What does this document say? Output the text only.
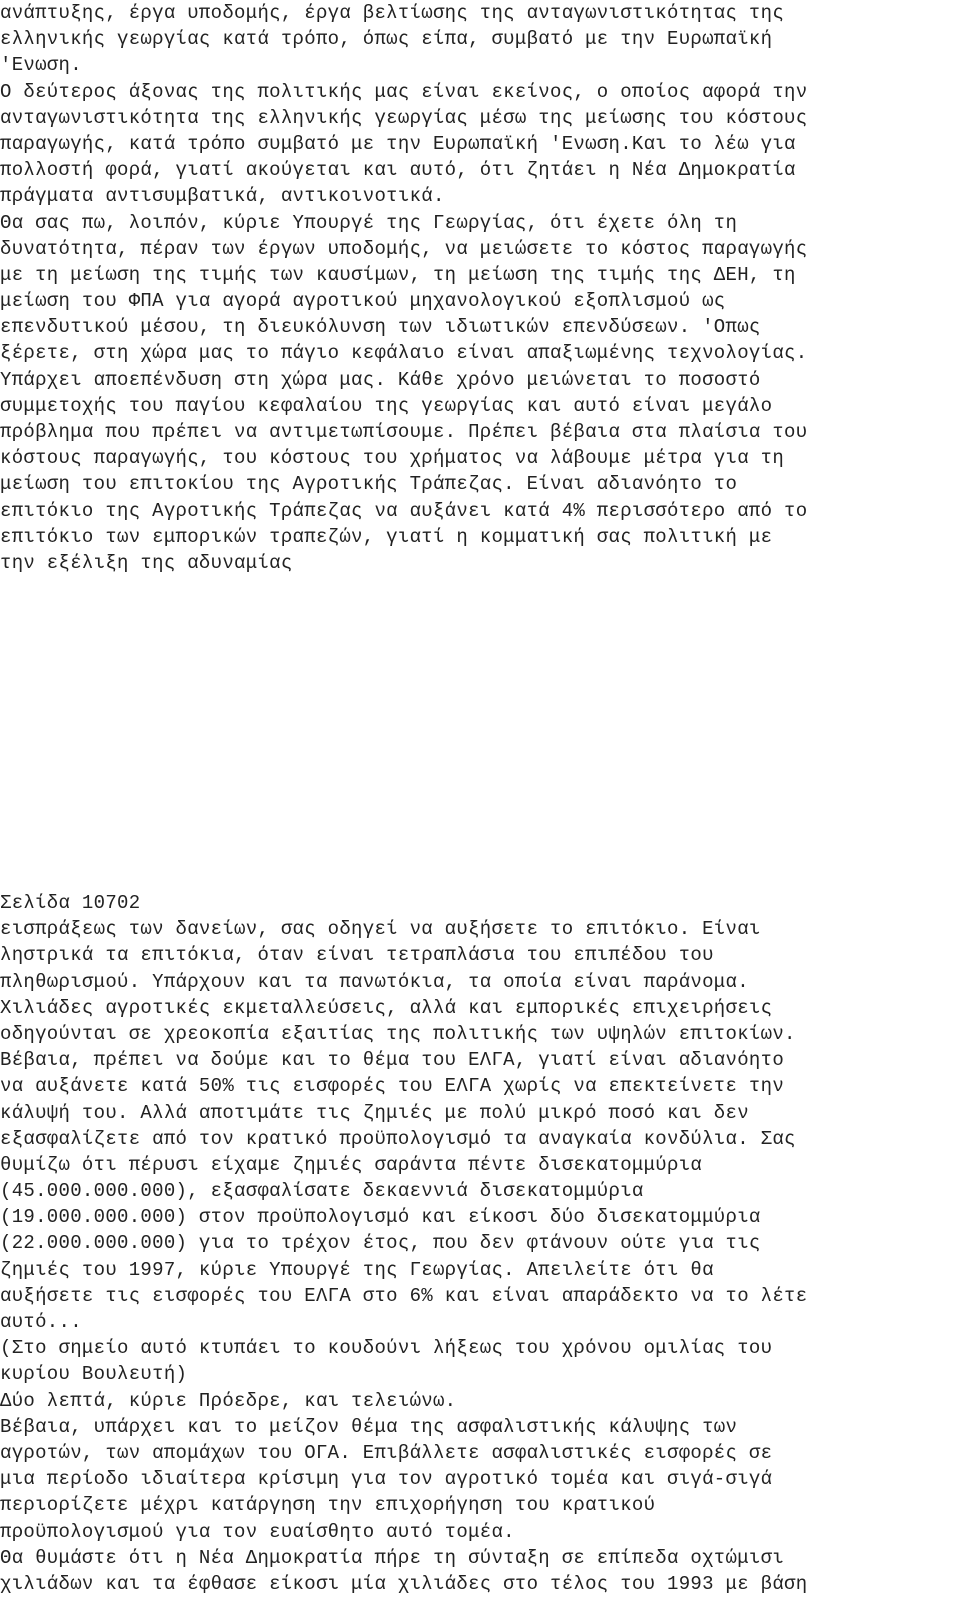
ανάπτυξης, έργα υποδομής, έργα βελτίωσης της ανταγωνιστικότητας της
ελληνικής γεωργίας κατά τρόπο, όπως είπα, συμβατό με την Ευρωπαϊκή
'Ενωση.
Ο δεύτερος άξονας της πολιτικής μας είναι εκείνος, ο οποίος αφορά την
ανταγωνιστικότητα της ελληνικής γεωργίας μέσω της μείωσης του κόστους
παραγωγής, κατά τρόπο συμβατό με την Ευρωπαϊκή 'Ενωση.Και το λέω για
πολλοστή φορά, γιατί ακούγεται και αυτό, ότι ζητάει η Νέα Δημοκρατία
πράγματα αντισυμβατικά, αντικοινοτικά.
Θα σας πω, λοιπόν, κύριε Υπουργέ της Γεωργίας, ότι έχετε όλη τη
δυνατότητα, πέραν των έργων υποδομής, να μειώσετε το κόστος παραγωγής
με τη μείωση της τιμής των καυσίμων, τη μείωση της τιμής της ΔΕΗ, τη
μείωση του ΦΠΑ για αγορά αγροτικού μηχανολογικού εξοπλισμού ως
επενδυτικού μέσου, τη διευκόλυνση των ιδιωτικών επενδύσεων. 'Οπως
ξέρετε, στη χώρα μας το πάγιο κεφάλαιο είναι απαξιωμένης τεχνολογίας.
Υπάρχει αποεπένδυση στη χώρα μας. Κάθε χρόνο μειώνεται το ποσοστό
συμμετοχής του παγίου κεφαλαίου της γεωργίας και αυτό είναι μεγάλο
πρόβλημα που πρέπει να αντιμετωπίσουμε. Πρέπει βέβαια στα πλαίσια του
κόστους παραγωγής, του κόστους του χρήματος να λάβουμε μέτρα για τη
μείωση του επιτοκίου της Αγροτικής Τράπεζας. Είναι αδιανόητο το
επιτόκιο της Αγροτικής Τράπεζας να αυξάνει κατά 4% περισσότερο από το
επιτόκιο των εμπορικών τραπεζών, γιατί η κομματική σας πολιτική με
την εξέλιξη της αδυναμίας
Σελίδα 10702
εισπράξεως των δανείων, σας οδηγεί να αυξήσετε το επιτόκιο. Είναι
ληστρικά τα επιτόκια, όταν είναι τετραπλάσια του επιπέδου του
πληθωρισμού. Υπάρχουν και τα πανωτόκια, τα οποία είναι παράνομα.
Χιλιάδες αγροτικές εκμεταλλεύσεις, αλλά και εμπορικές επιχειρήσεις
οδηγούνται σε χρεοκοπία εξαιτίας της πολιτικής των υψηλών επιτοκίων.
Βέβαια, πρέπει να δούμε και το θέμα του ΕΛΓΑ, γιατί είναι αδιανόητο
να αυξάνετε κατά 50% τις εισφορές του ΕΛΓΑ χωρίς να επεκτείνετε την
κάλυψή του. Αλλά αποτιμάτε τις ζημιές με πολύ μικρό ποσό και δεν
εξασφαλίζετε από τον κρατικό προϋπολογισμό τα αναγκαία κονδύλια. Σας
θυμίζω ότι πέρυσι είχαμε ζημιές σαράντα πέντε δισεκατομμύρια
(45.000.000.000), εξασφαλίσατε δεκαεννιά δισεκατομμύρια
(19.000.000.000) στον προϋπολογισμό και είκοσι δύο δισεκατομμύρια
(22.000.000.000) για το τρέχον έτος, που δεν φτάνουν ούτε για τις
ζημιές του 1997, κύριε Υπουργέ της Γεωργίας. Απειλείτε ότι θα
αυξήσετε τις εισφορές του ΕΛΓΑ στο 6% και είναι απαράδεκτο να το λέτε
αυτό...
(Στο σημείο αυτό κτυπάει το κουδούνι λήξεως του χρόνου ομιλίας του
κυρίου Βουλευτή)
Δύο λεπτά, κύριε Πρόεδρε, και τελειώνω.
Βέβαια, υπάρχει και το μείζον θέμα της ασφαλιστικής κάλυψης των
αγροτών, των απομάχων του ΟΓΑ. Επιβάλλετε ασφαλιστικές εισφορές σε
μια περίοδο ιδιαίτερα κρίσιμη για τον αγροτικό τομέα και σιγά-σιγά
περιορίζετε μέχρι κατάργηση την επιχορήγηση του κρατικού
προϋπολογισμού για τον ευαίσθητο αυτό τομέα.
Θα θυμάστε ότι η Νέα Δημοκρατία πήρε τη σύνταξη σε επίπεδα οχτώμισι
χιλιάδων και τα έφθασε είκοσι μία χιλιάδες στο τέλος του 1993 με βάση
